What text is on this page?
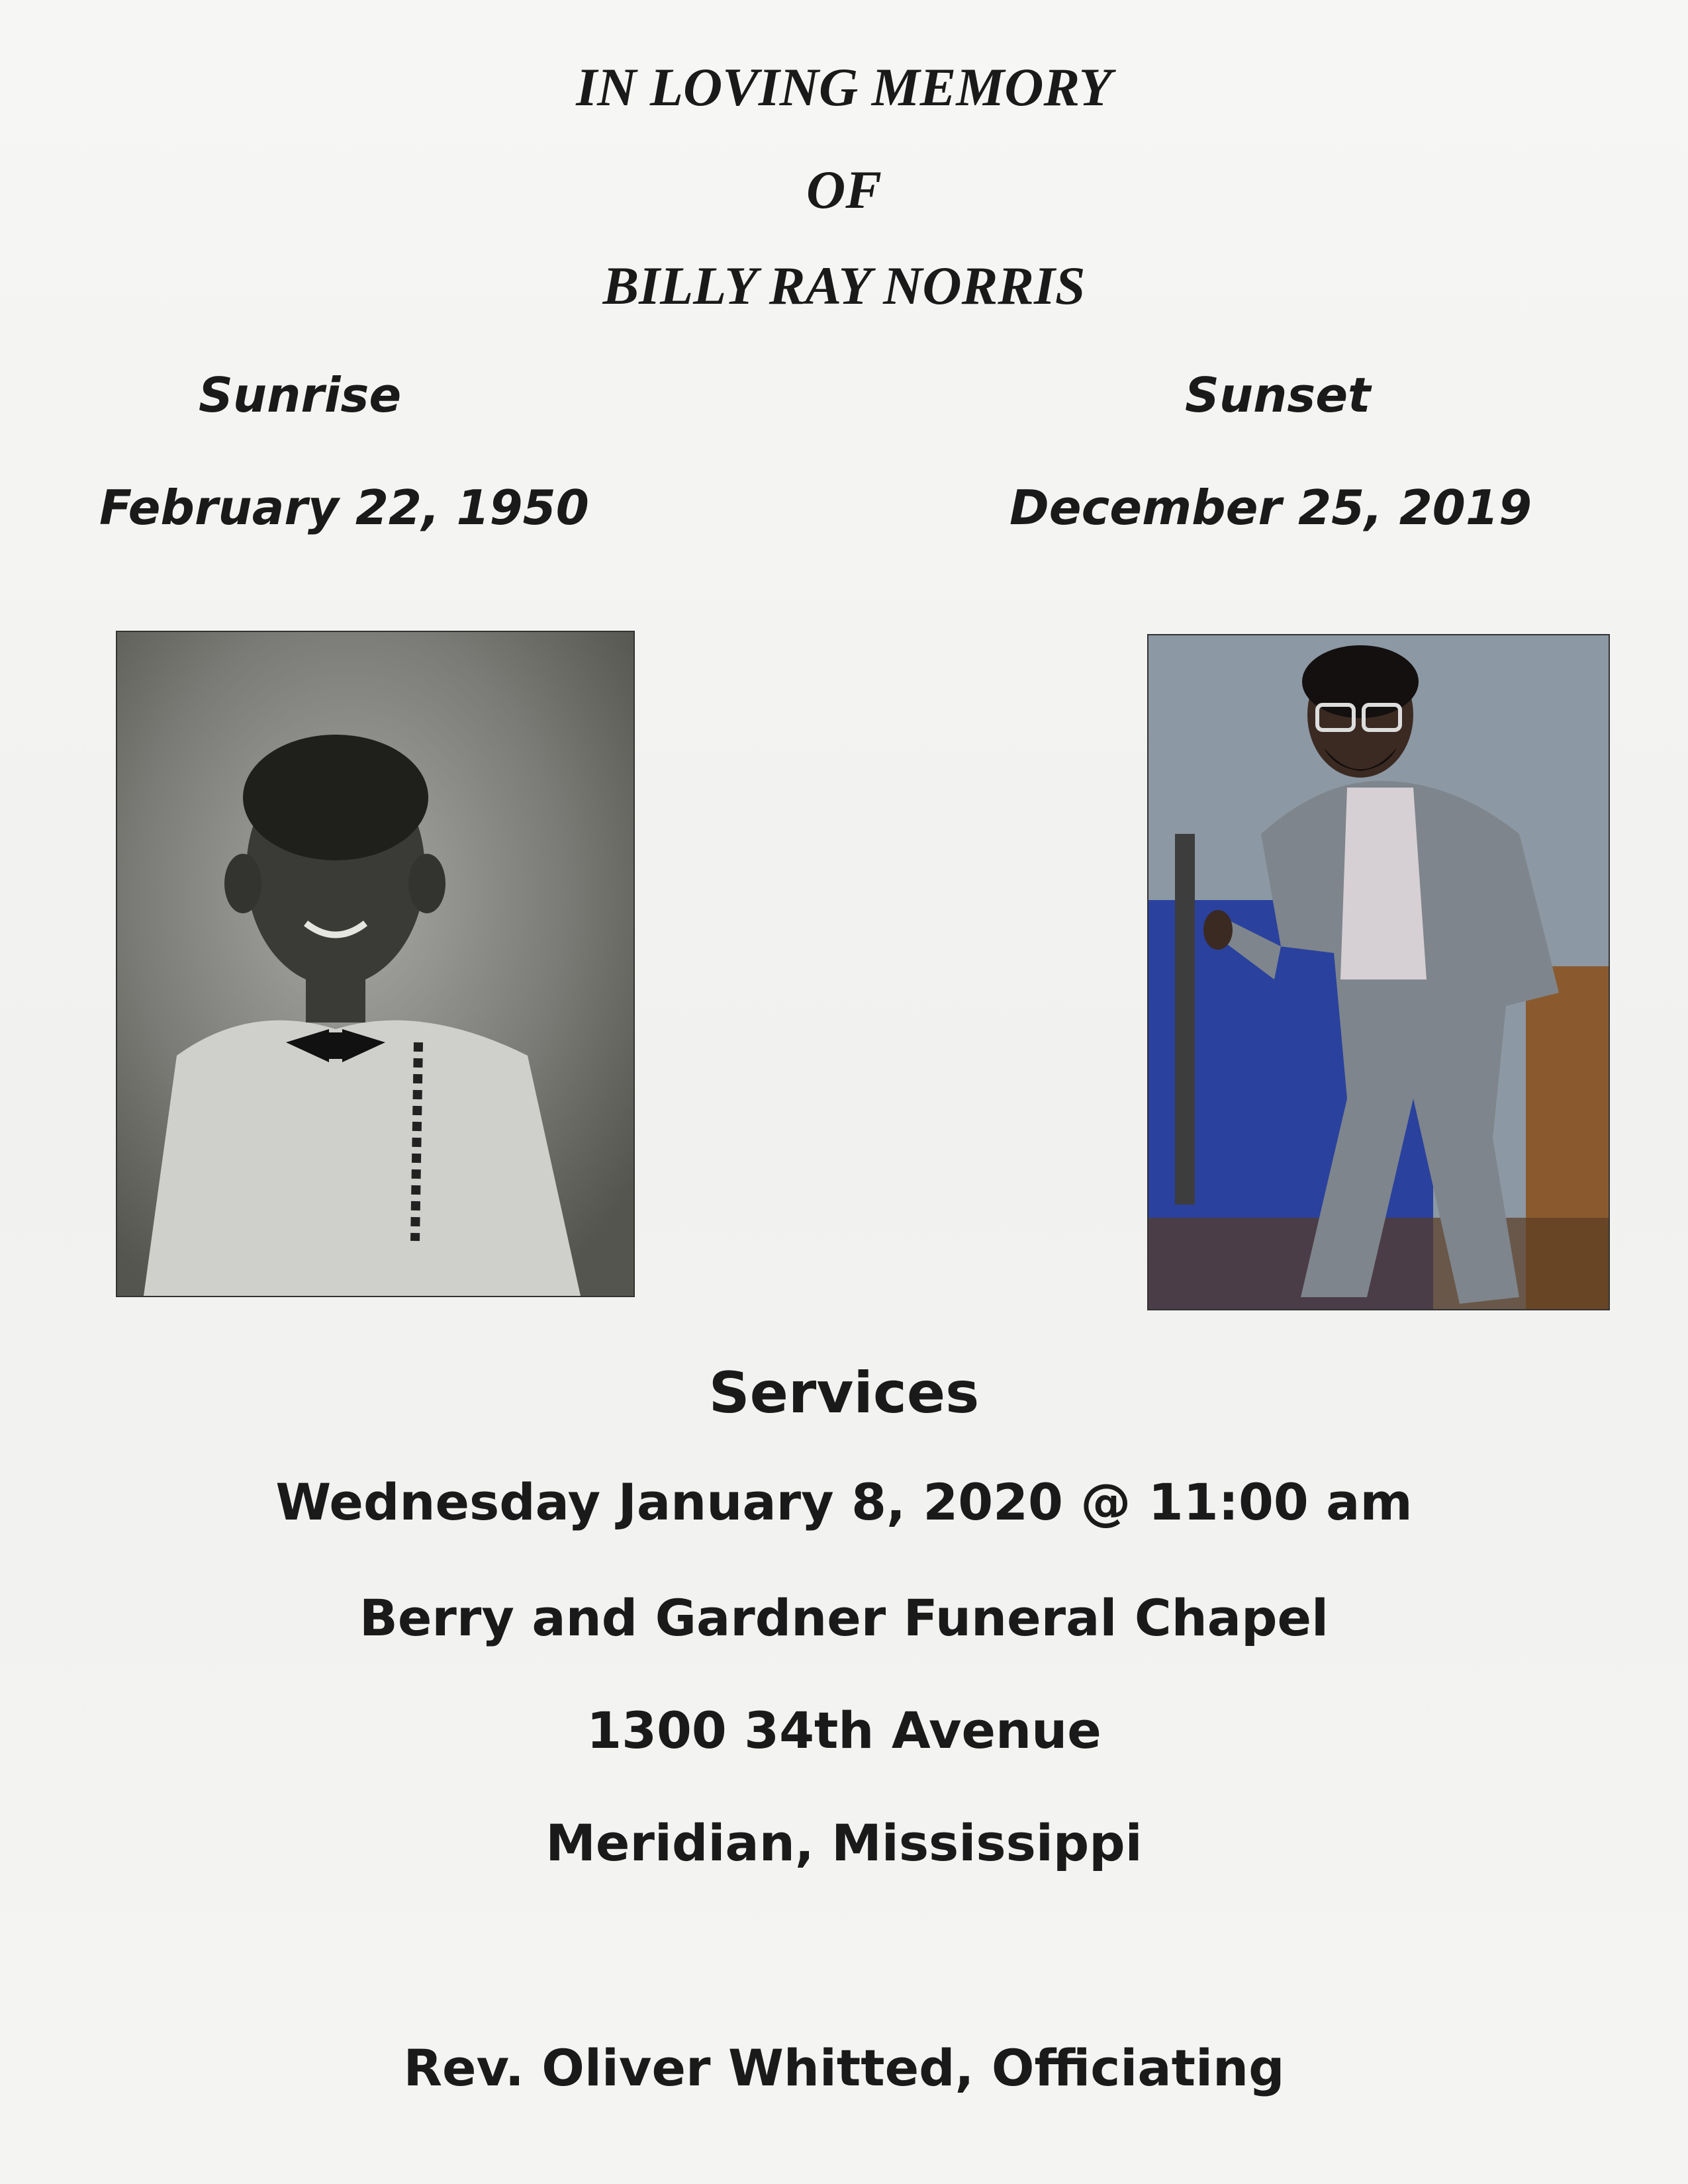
IN LOVING MEMORY
OF
BILLY RAY NORRIS
Sunrise	Sunset
February 22, 1950	December 25, 2019
Services
Wednesday January 8, 2020 @ 11:00 am
Berry and Gardner Funeral Chapel
1300 34th Avenue
Meridian, Mississippi
Rev. Oliver Whitted, Officiating
